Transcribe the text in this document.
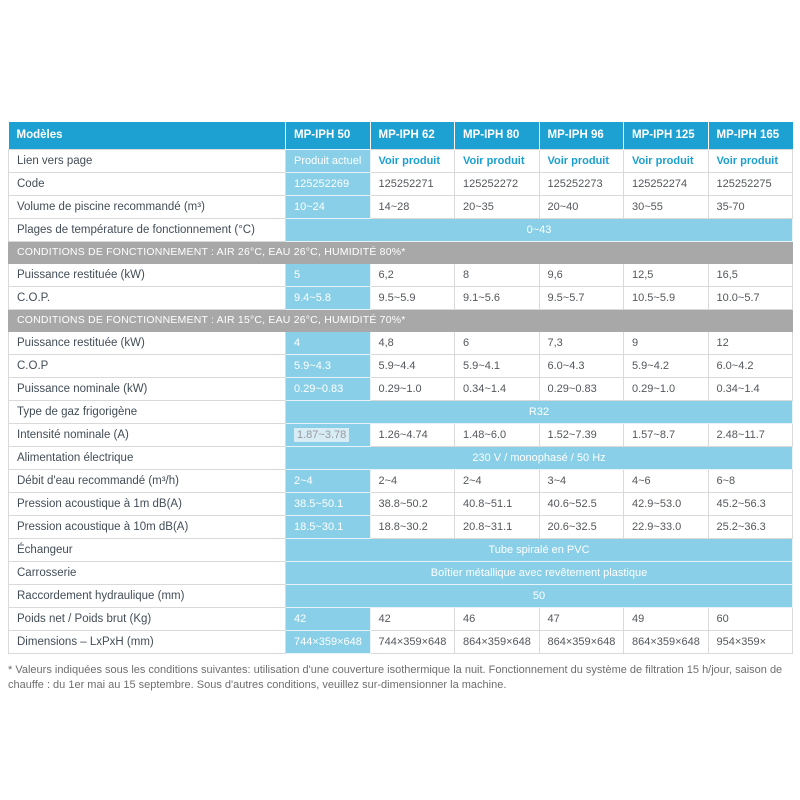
Modèles	MP-IPH 50	MP-IPH 62	MP-IPH 80	MP-IPH 96	MP-IPH 125	MP-IPH 165
Lien vers page	Produit actuel	Voir produit	Voir produit	Voir produit	Voir produit	Voir produit
Code	125252269	125252271	125252272	125252273	125252274	125252275
Volume de piscine recommandé (m³)	10~24	14~28	20~35	20~40	30~55	35-70
Plages de température de fonctionnement (°C)	0~43					
CONDITIONS DE FONCTIONNEMENT : AIR 26°C, EAU 26°C, HUMIDITÉ 80%*						
Puissance restituée (kW)	5	6,2	8	9,6	12,5	16,5
C.O.P.	9.4~5.8	9.5~5.9	9.1~5.6	9.5~5.7	10.5~5.9	10.0~5.7
CONDITIONS DE FONCTIONNEMENT : AIR 15°C, EAU 26°C, HUMIDITÉ 70%*						
Puissance restituée (kW)	4	4,8	6	7,3	9	12
C.O.P	5.9~4.3	5.9~4.4	5.9~4.1	6.0~4.3	5.9~4.2	6.0~4.2
Puissance nominale (kW)	0.29~0.83	0.29~1.0	0.34~1.4	0.29~0.83	0.29~1.0	0.34~1.4
Type de gaz frigorigène	R32					
Intensité nominale (A)	1.87~3.78	1.26~4.74	1.48~6.0	1.52~7.39	1.57~8.7	2.48~11.7
Alimentation électrique	230 V / monophasé / 50 Hz					
Débit d'eau recommandé (m³/h)	2~4	2~4	2~4	3~4	4~6	6~8
Pression acoustique à 1m dB(A)	38.5~50.1	38.8~50.2	40.8~51.1	40.6~52.5	42.9~53.0	45.2~56.3
Pression acoustique à 10m dB(A)	18.5~30.1	18.8~30.2	20.8~31.1	20.6~32.5	22.9~33.0	25.2~36.3
Échangeur	Tube spiralé en PVC					
Carrosserie	Boîtier métallique avec revêtement plastique					
Raccordement hydraulique (mm)	50					
Poids net / Poids brut (Kg)	42	42	46	47	49	60
Dimensions – LxPxH (mm)	744×359×648	744×359×648	864×359×648	864×359×648	864×359×648	954×359×

* Valeurs indiquées sous les conditions suivantes: utilisation d'une couverture isothermique la nuit. Fonctionnement du système de filtration 15 h/jour, saison de chauffe : du 1er mai au 15 septembre. Sous d'autres conditions, veuillez sur-dimensionner la machine.
